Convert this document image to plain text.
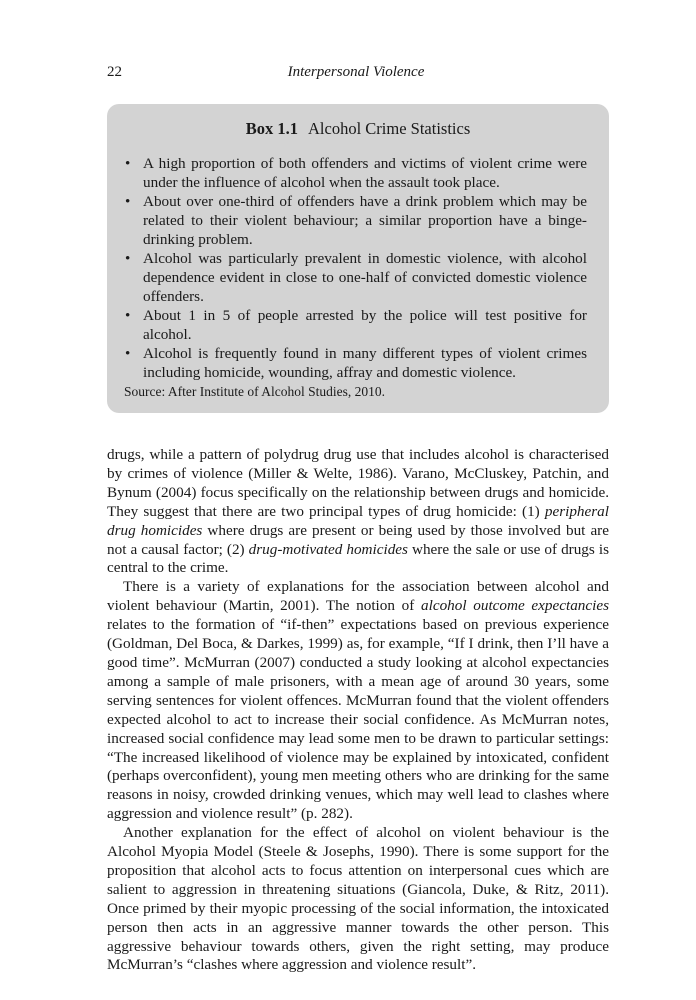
22	Interpersonal Violence
Box 1.1 Alcohol Crime Statistics
• A high proportion of both offenders and victims of violent crime were under the influence of alcohol when the assault took place.
• About over one-third of offenders have a drink problem which may be related to their violent behaviour; a similar proportion have a binge-drinking problem.
• Alcohol was particularly prevalent in domestic violence, with alcohol dependence evident in close to one-half of convicted domestic violence offenders.
• About 1 in 5 of people arrested by the police will test positive for alcohol.
• Alcohol is frequently found in many different types of violent crimes including homicide, wounding, affray and domestic violence.
Source: After Institute of Alcohol Studies, 2010.

drugs, while a pattern of polydrug drug use that includes alcohol is characterised by crimes of violence (Miller & Welte, 1986). Varano, McCluskey, Patchin, and Bynum (2004) focus specifically on the relationship between drugs and homicide. They suggest that there are two principal types of drug homicide: (1) peripheral drug homicides where drugs are present or being used by those involved but are not a causal factor; (2) drug-motivated homicides where the sale or use of drugs is central to the crime.

There is a variety of explanations for the association between alcohol and violent behaviour (Martin, 2001). The notion of alcohol outcome expectancies relates to the formation of “if-then” expectations based on previous experience (Goldman, Del Boca, & Darkes, 1999) as, for example, “If I drink, then I’ll have a good time”. McMurran (2007) conducted a study looking at alcohol expectancies among a sample of male prisoners, with a mean age of around 30 years, some serving sentences for violent offences. McMurran found that the violent offenders expected alcohol to act to increase their social confidence. As McMurran notes, increased social confidence may lead some men to be drawn to particular settings: “The increased likelihood of violence may be explained by intoxicated, confident (perhaps overconfident), young men meeting others who are drinking for the same reasons in noisy, crowded drinking venues, which may well lead to clashes where aggression and violence result” (p. 282).

Another explanation for the effect of alcohol on violent behaviour is the Alcohol Myopia Model (Steele & Josephs, 1990). There is some support for the proposition that alcohol acts to focus attention on interpersonal cues which are salient to aggression in threatening situations (Giancola, Duke, & Ritz, 2011). Once primed by their myopic processing of the social information, the intoxicated person then acts in an aggressive manner towards the other person. This aggressive behaviour towards others, given the right setting, may produce McMurran’s “clashes where aggression and violence result”.
